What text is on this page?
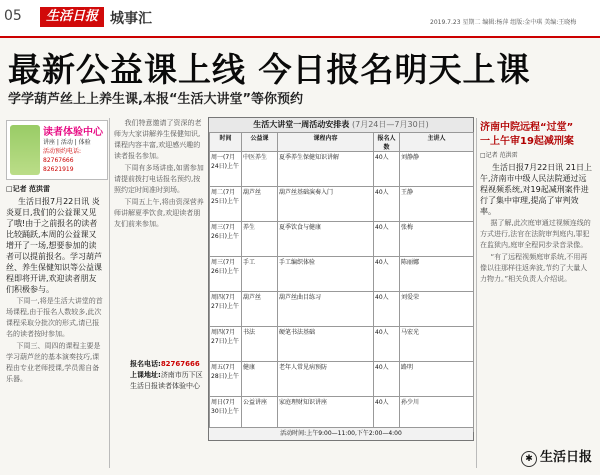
05	生活日报 城事汇	2019.7.23 星期二 编辑:杨萍 组版:金中琪 美编:王晓梅
最新公益课上线 今日报名明天上课
学学葫芦丝上上养生课,本报“生活大讲堂”等你预约
读者体验中心
讲座 | 活动 | 体验
活动预约电话:
82767666
82621919

□记者 范洪雷

生活日报7月22日讯 炎炎夏日,我们的公益课又见了哦!由于之前报名的读者比较踊跃,本周的公益课又增开了一场,想要参加的读者可以提前报名。学习葫芦丝、养生保健知识等公益课程即将开讲,欢迎读者朋友们积极参与。

下周一,将是生活大讲堂的首场课程,由于报名人数较多,此次课程采取分批次的形式,请已报名的读者按时参加。

下周三、周四的课程主要是学习葫芦丝的基本演奏技巧,课程由专业老师授课,学员需自备乐器。

我们特意邀请了资深的老师为大家讲解养生保健知识,课程内容丰富,欢迎感兴趣的读者报名参加。

下周有多场讲座,如需参加请提前拨打电话报名预约,按照约定时间准时到场。

下周五上午,将由资深营养师讲解夏季饮食,欢迎读者朋友们前来参加。

报名电话:82767666
上课地址:济南市历下区生活日报读者体验中心
生活大讲堂一周活动安排表 (7月24日—7月30日)
时间	公益课	课程内容	报名人数	主讲人
周一(7月24日)上午	中医养生	夏季养生保健知识讲解	40人	刘静静
周二(7月25日)上午	葫芦丝	葫芦丝基础演奏入门	40人	王静
周三(7月26日)上午	养生	夏季饮食与健康	40人	张梅
周三(7月26日)上午	手工	手工编织体验	40人	陈丽娜
周四(7月27日)上午	葫芦丝	葫芦丝曲目练习	40人	刘爱荣
周四(7月27日)上午	书法	硬笔书法基础	40人	马宏光
周五(7月28日)上午	健康	老年人常见病预防	40人	路明
周日(7月30日)上午	公益讲座	家庭理财知识讲座	40人	孙少川
活动时间:上午9:00—11:00,下午2:00—4:00
济南中院远程“过堂”
一上午审19起减刑案
□记者 范洪雷

生活日报7月22日讯 21日上午,济南市中级人民法院通过远程视频系统,对19起减刑案件进行了集中审理,提高了审判效率。

据了解,此次庭审通过视频连线的方式进行,法官在法院审判庭内,罪犯在监狱内,庭审全程同步录音录像。

“有了远程视频庭审系统,不用再像以往那样往返奔波,节约了大量人力物力。”相关负责人介绍说。

✱ 生活日报
